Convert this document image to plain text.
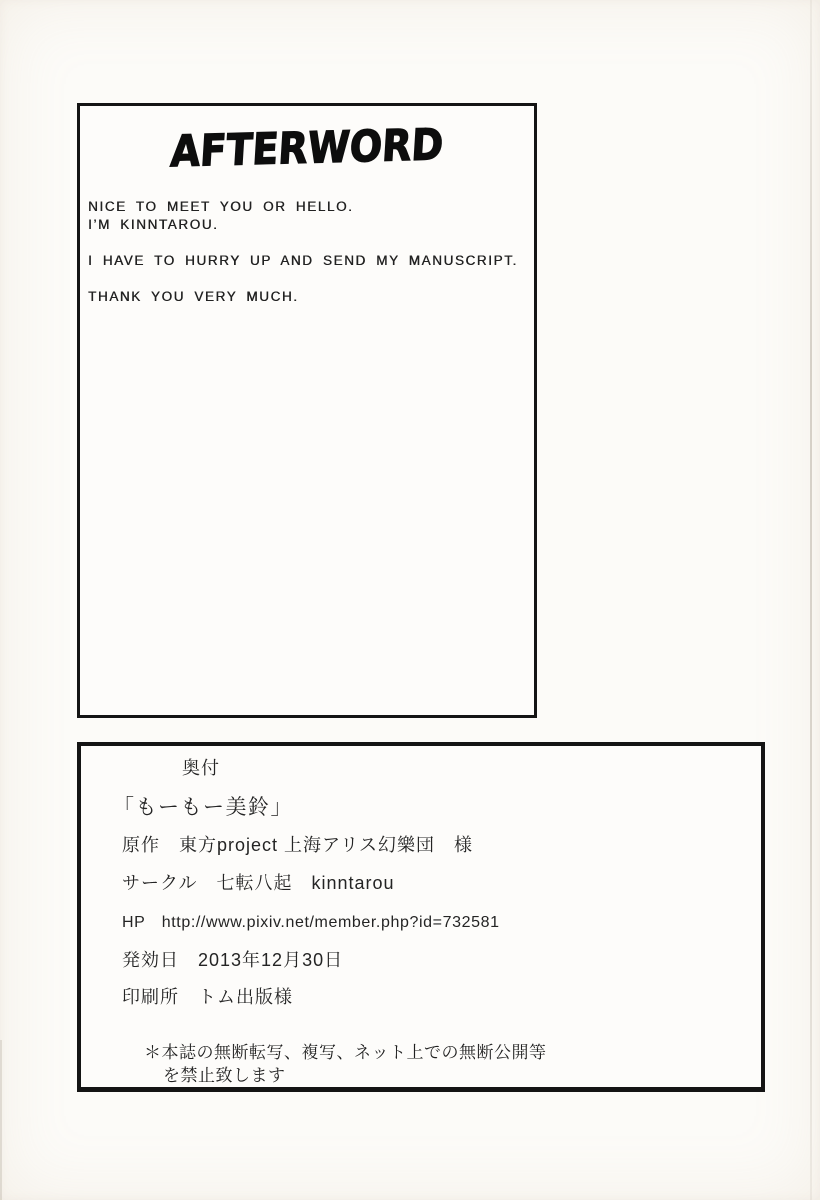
AFTERWORD
NICE TO MEET YOU OR HELLO.
I’M KINNTAROU.
I HAVE TO HURRY UP AND SEND MY MANUSCRIPT.
THANK YOU VERY MUCH.
奥付
「もーもー美鈴」
原作　東方project 上海アリス幻樂団　様
サークル　七転八起　kinntarou
HP　http://www.pixiv.net/member.php?id=732581
発効日　2013年12月30日
印刷所　トム出版様
＊本誌の無断転写、複写、ネット上での無断公開等
を禁止致します
